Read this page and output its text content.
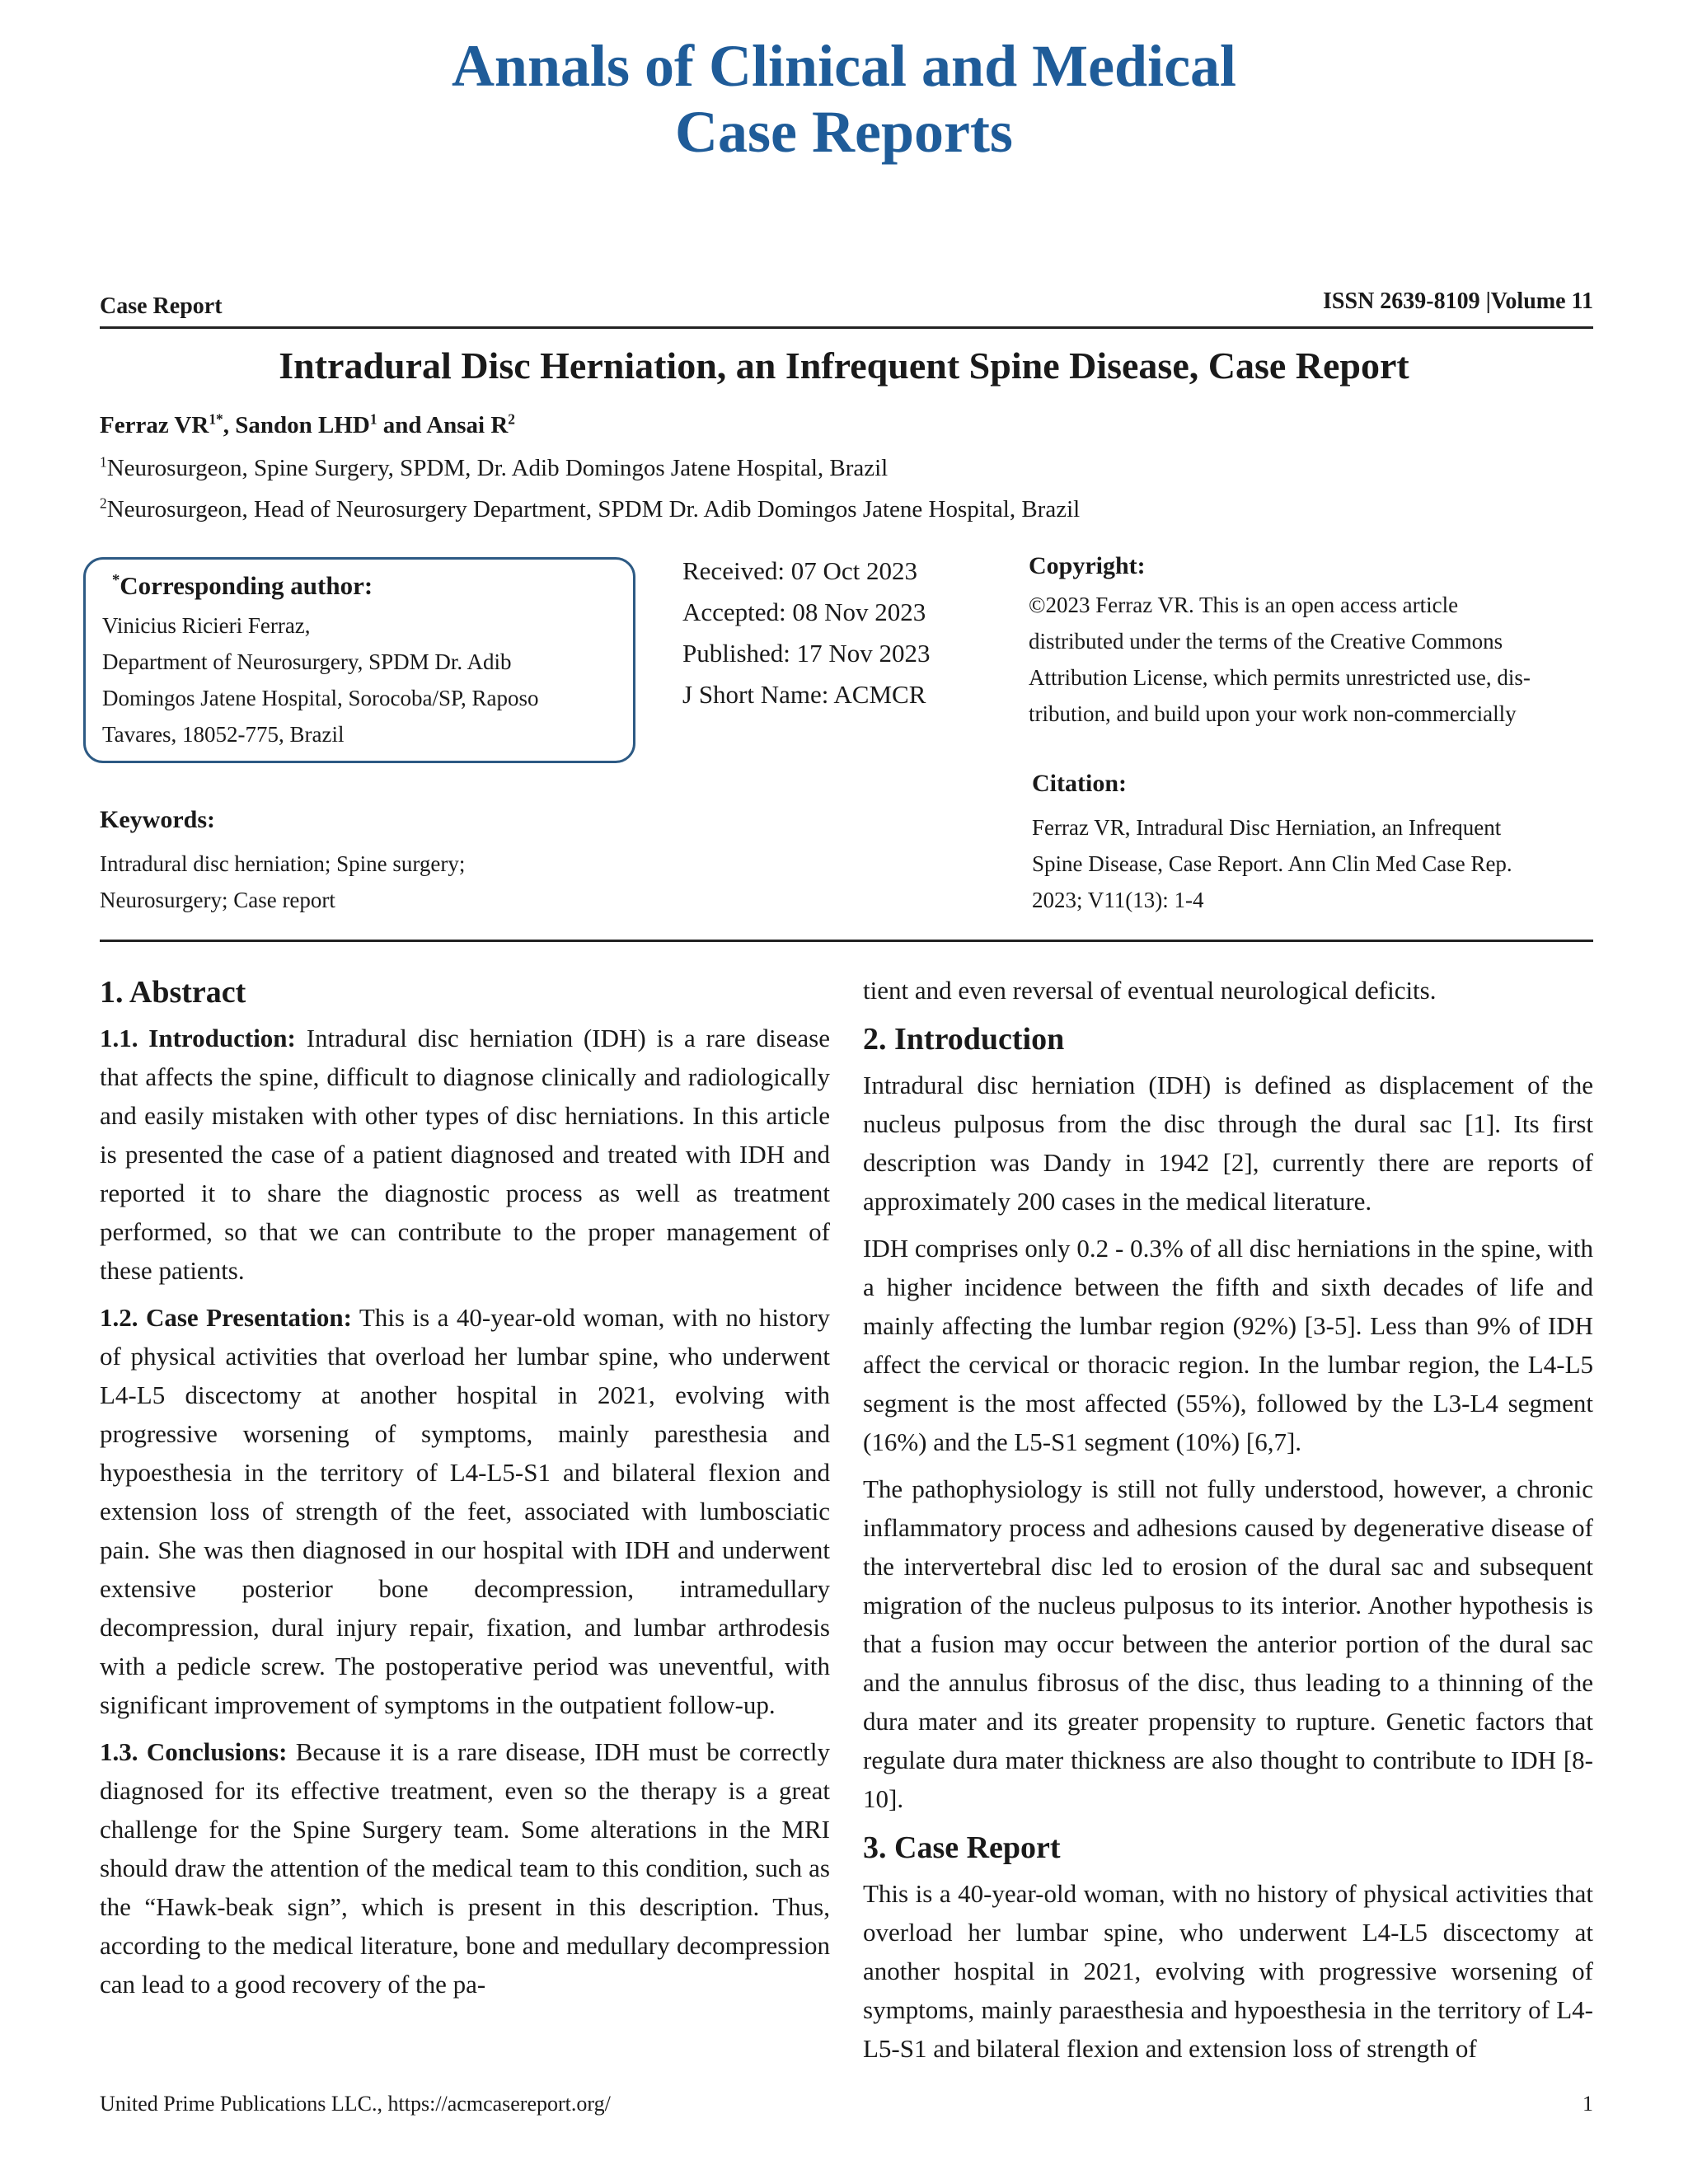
Annals of Clinical and Medical
Case Reports
Case Report	ISSN 2639-8109 |Volume 11
Intradural Disc Herniation, an Infrequent Spine Disease, Case Report
Ferraz $VR^{1*}$, Sandon LHD$^1$ and Ansai $R^2$
$^1$Neurosurgeon, Spine Surgery, SPDM, Dr. Adib Domingos Jatene Hospital, Brazil
$^2$Neurosurgeon, Head of Neurosurgery Department, SPDM Dr. Adib Domingos Jatene Hospital, Brazil
*Corresponding author:
Vinicius Ricieri Ferraz,
Department of Neurosurgery, SPDM Dr. Adib
Domingos Jatene Hospital, Sorocoba/SP, Raposo
Tavares, 18052-775, Brazil
Received: 07 Oct 2023
Accepted: 08 Nov 2023
Published: 17 Nov 2023
J Short Name: ACMCR
Copyright:
©2023 Ferraz VR. This is an open access article
distributed under the terms of the Creative Commons
Attribution License, which permits unrestricted use, dis-
tribution, and build upon your work non-commercially
Citation:
Ferraz VR, Intradural Disc Herniation, an Infrequent
Spine Disease, Case Report. Ann Clin Med Case Rep.
2023; V11(13): 1-4
Keywords:
Intradural disc herniation; Spine surgery;
Neurosurgery; Case report
1. Abstract

1.1. Introduction: Intradural disc herniation (IDH) is a rare disease that affects the spine, difficult to diagnose clinically and radiologically and easily mistaken with other types of disc herniations. In this article is presented the case of a patient diagnosed and treated with IDH and reported it to share the diagnostic process as well as treatment performed, so that we can contribute to the proper management of these patients.

1.2. Case Presentation: This is a 40-year-old woman, with no history of physical activities that overload her lumbar spine, who underwent L4-L5 discectomy at another hospital in 2021, evolving with progressive worsening of symptoms, mainly paresthesia and hypoesthesia in the territory of L4-L5-S1 and bilateral flexion and extension loss of strength of the feet, associated with lumbosciatic pain. She was then diagnosed in our hospital with IDH and underwent extensive posterior bone decompression, intramedullary decompression, dural injury repair, fixation, and lumbar arthrodesis with a pedicle screw. The postoperative period was uneventful, with significant improvement of symptoms in the outpatient follow-up.

1.3. Conclusions: Because it is a rare disease, IDH must be correctly diagnosed for its effective treatment, even so the therapy is a great challenge for the Spine Surgery team. Some alterations in the MRI should draw the attention of the medical team to this condition, such as the “Hawk-beak sign”, which is present in this description. Thus, according to the medical literature, bone and medullary decompression can lead to a good recovery of the pa-

tient and even reversal of eventual neurological deficits.

2. Introduction

Intradural disc herniation (IDH) is defined as displacement of the nucleus pulposus from the disc through the dural sac [1]. Its first description was Dandy in 1942 [2], currently there are reports of approximately 200 cases in the medical literature.

IDH comprises only 0.2 - 0.3% of all disc herniations in the spine, with a higher incidence between the fifth and sixth decades of life and mainly affecting the lumbar region (92%) [3-5]. Less than 9% of IDH affect the cervical or thoracic region. In the lumbar region, the L4-L5 segment is the most affected (55%), followed by the L3-L4 segment (16%) and the L5-S1 segment (10%) [6,7].

The pathophysiology is still not fully understood, however, a chronic inflammatory process and adhesions caused by degenerative disease of the intervertebral disc led to erosion of the dural sac and subsequent migration of the nucleus pulposus to its interior. Another hypothesis is that a fusion may occur between the anterior portion of the dural sac and the annulus fibrosus of the disc, thus leading to a thinning of the dura mater and its greater propensity to rupture. Genetic factors that regulate dura mater thickness are also thought to contribute to IDH [8-10].

3. Case Report

This is a 40-year-old woman, with no history of physical activities that overload her lumbar spine, who underwent L4-L5 discectomy at another hospital in 2021, evolving with progressive worsening of symptoms, mainly paraesthesia and hypoesthesia in the territory of L4-L5-S1 and bilateral flexion and extension loss of strength of

United Prime Publications LLC., https://acmcasereport.org/	1
